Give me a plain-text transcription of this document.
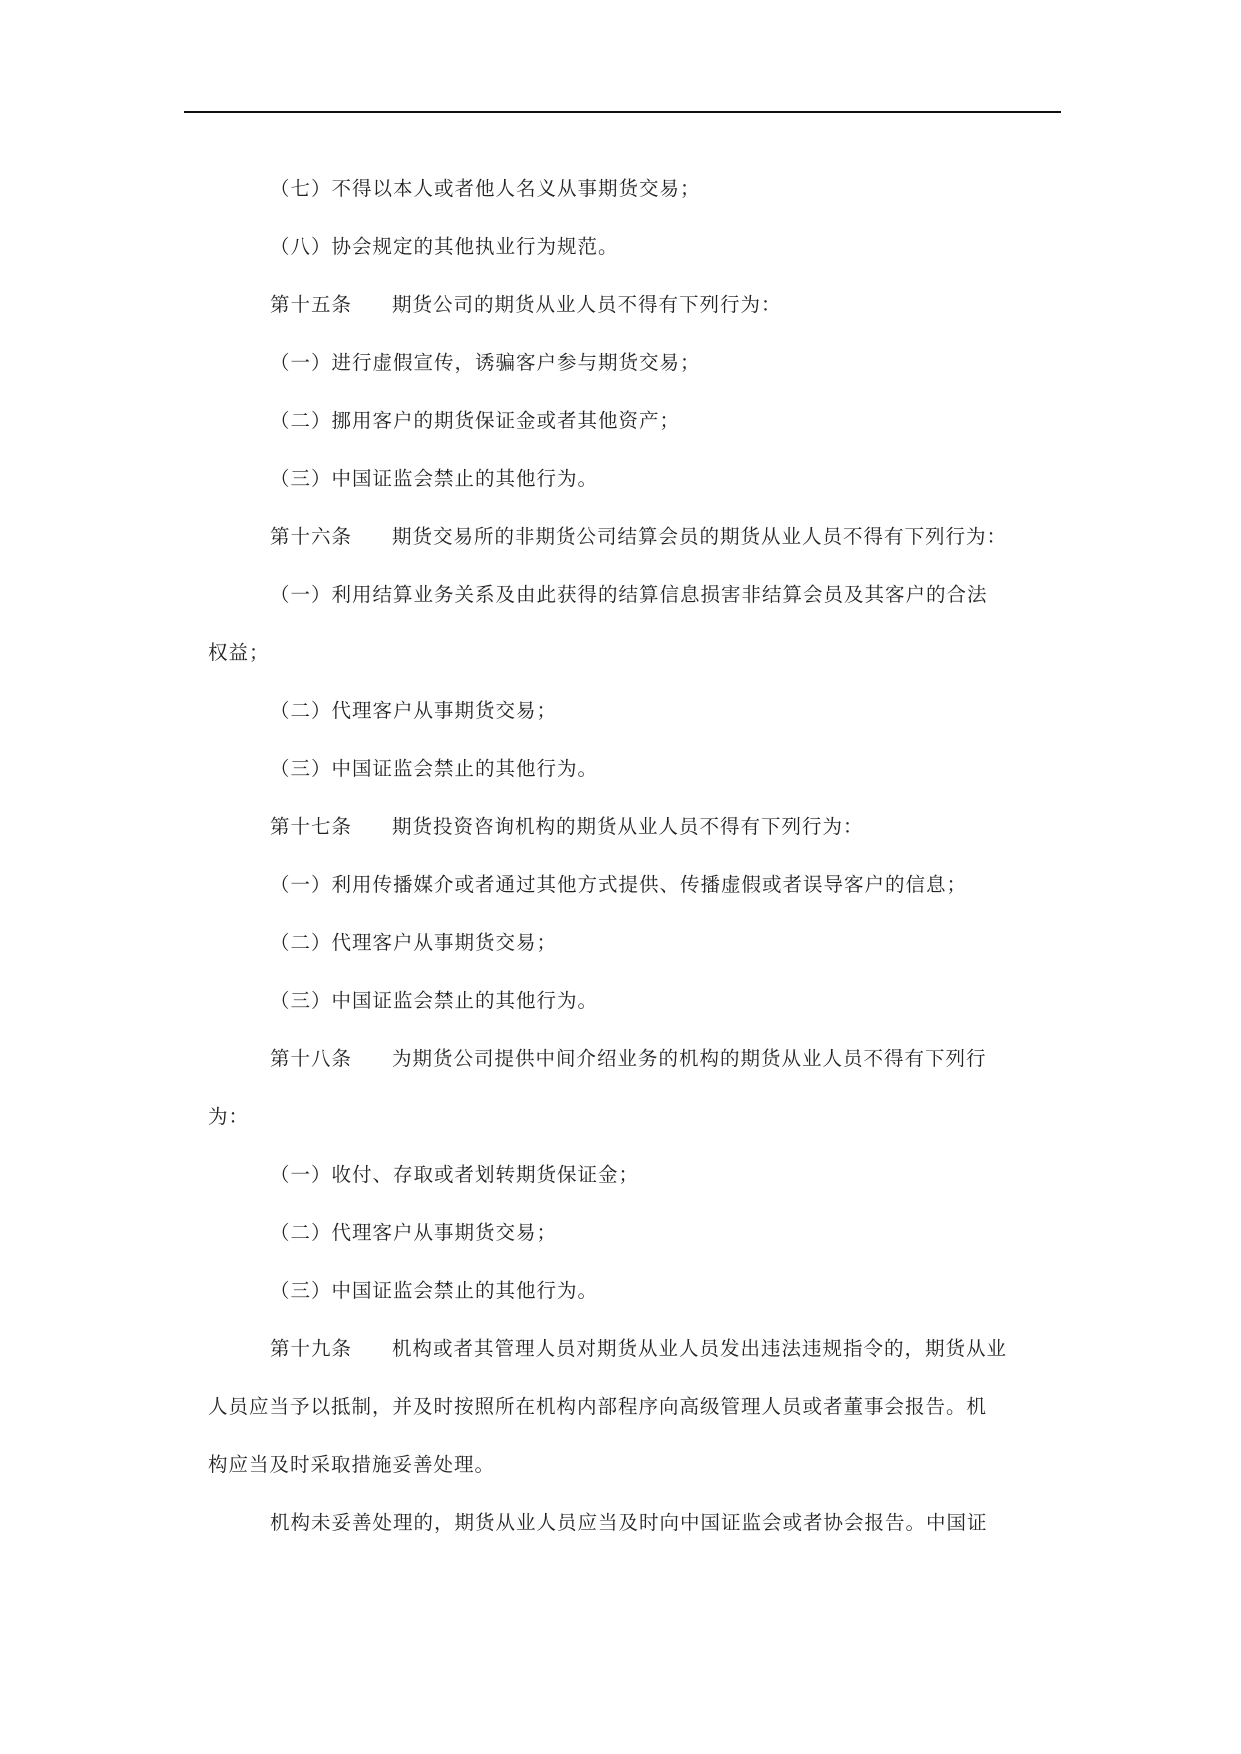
（七）不得以本人或者他人名义从事期货交易；
（八）协会规定的其他执业行为规范。
第十五条 期货公司的期货从业人员不得有下列行为：
（一）进行虚假宣传，诱骗客户参与期货交易；
（二）挪用客户的期货保证金或者其他资产；
（三）中国证监会禁止的其他行为。
第十六条 期货交易所的非期货公司结算会员的期货从业人员不得有下列行为：
（一）利用结算业务关系及由此获得的结算信息损害非结算会员及其客户的合法
权益；
（二）代理客户从事期货交易；
（三）中国证监会禁止的其他行为。
第十七条 期货投资咨询机构的期货从业人员不得有下列行为：
（一）利用传播媒介或者通过其他方式提供、传播虚假或者误导客户的信息；
（二）代理客户从事期货交易；
（三）中国证监会禁止的其他行为。
第十八条 为期货公司提供中间介绍业务的机构的期货从业人员不得有下列行
为：
（一）收付、存取或者划转期货保证金；
（二）代理客户从事期货交易；
（三）中国证监会禁止的其他行为。
第十九条 机构或者其管理人员对期货从业人员发出违法违规指令的，期货从业
人员应当予以抵制，并及时按照所在机构内部程序向高级管理人员或者董事会报告。机
构应当及时采取措施妥善处理。
机构未妥善处理的，期货从业人员应当及时向中国证监会或者协会报告。中国证
